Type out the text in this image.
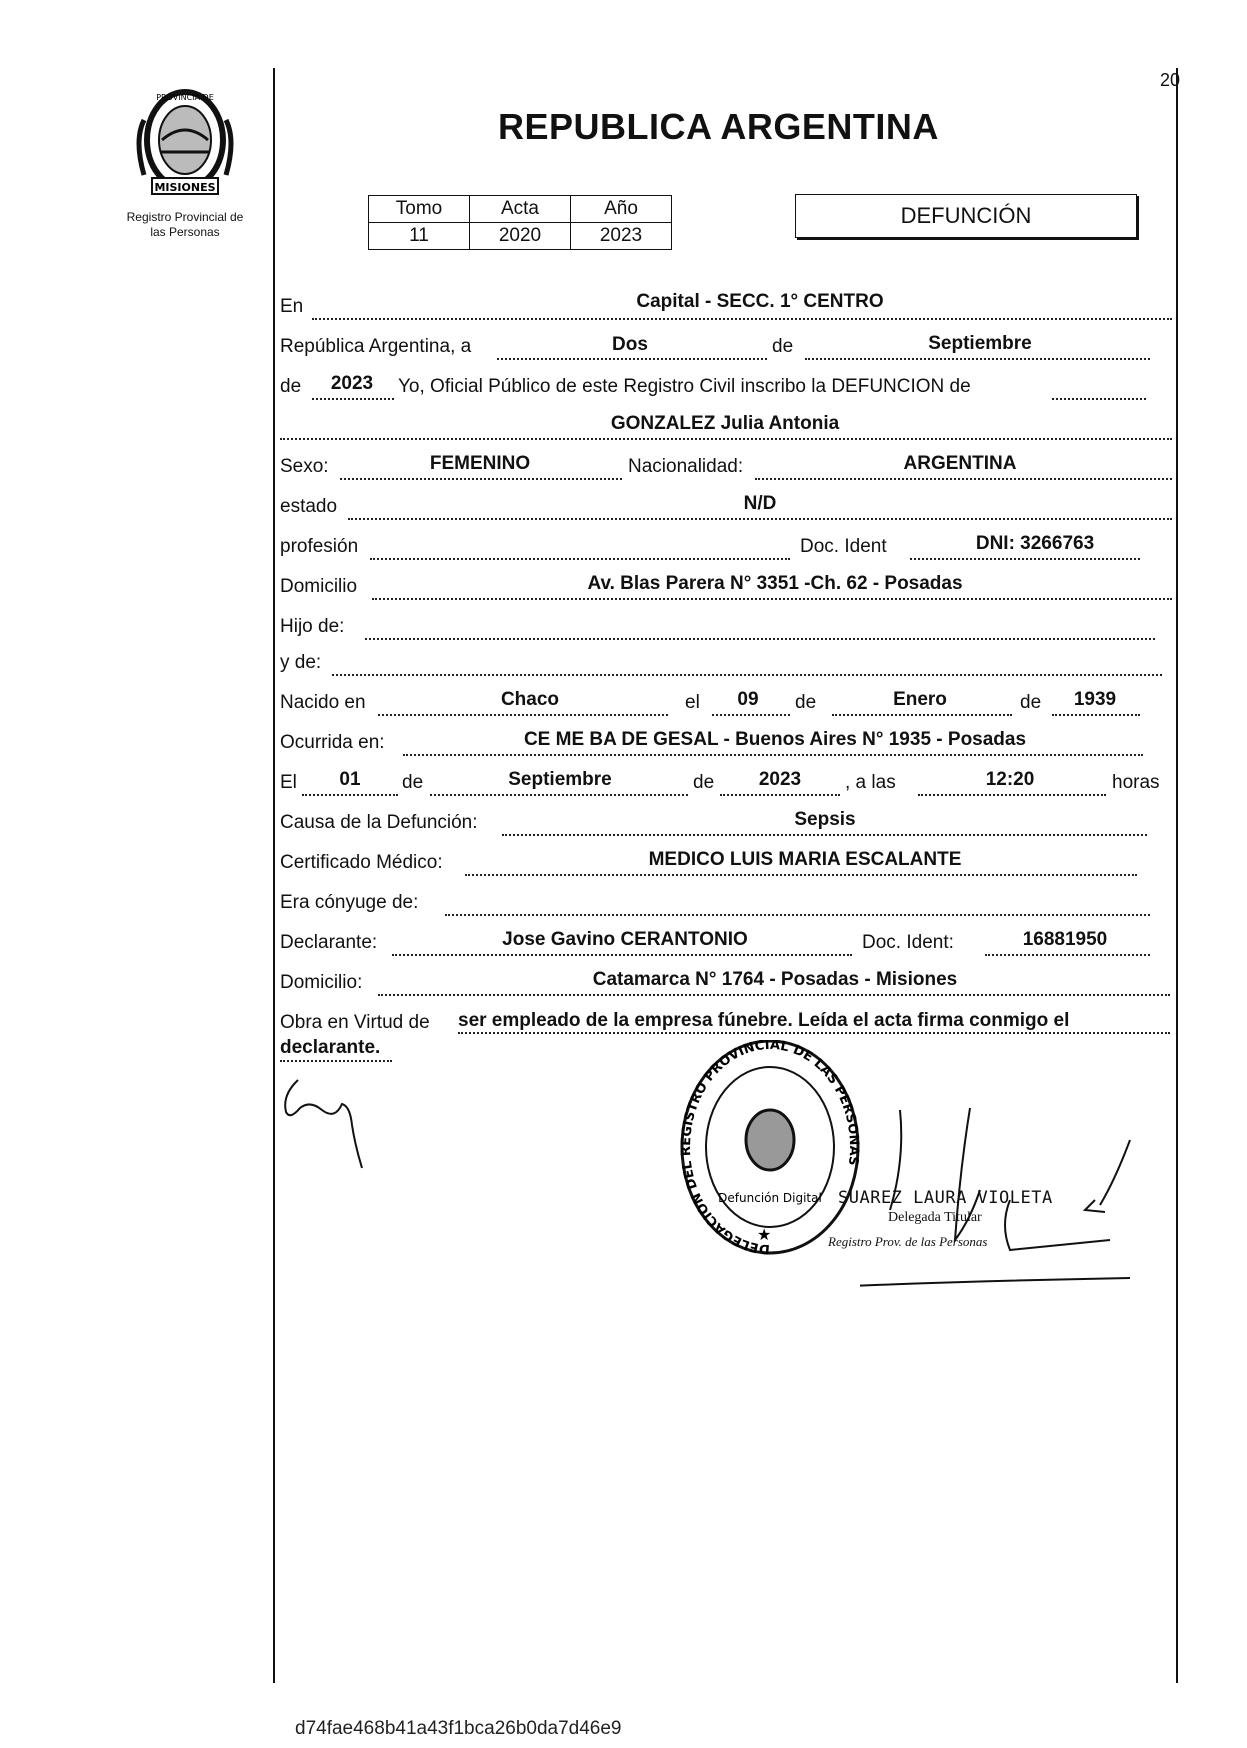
MISIONES
PROVINCIA DE
Registro Provincial de
las Personas
20
REPUBLICA ARGENTINA
Tomo	Acta	Año
11	2020	2023
DEFUNCIÓN
En	Capital - SECC. 1° CENTRO
República Argentina, a	Dos	de	Septiembre
de	2023	Yo, Oficial Público de este Registro Civil inscribo la DEFUNCION de
GONZALEZ Julia Antonia
Sexo:	FEMENINO	Nacionalidad:	ARGENTINA
estado	N/D
profesión	Doc. Ident	DNI: 3266763
Domicilio	Av. Blas Parera N° 3351 -Ch. 62 - Posadas
Hijo de:
y de:
Nacido en	Chaco	el	09	de	Enero	de	1939
Ocurrida en:	CE ME BA DE GESAL - Buenos Aires N° 1935 - Posadas
El	01	de	Septiembre	de	2023	, a las	12:20	horas
Causa de la Defunción:	Sepsis
Certificado Médico:	MEDICO LUIS MARIA ESCALANTE
Era cónyuge de:
Declarante:	Jose Gavino CERANTONIO	Doc. Ident:	16881950
Domicilio:	Catamarca N° 1764 - Posadas - Misiones
Obra en Virtud de ser empleado de la empresa fúnebre. Leída el acta firma conmigo el
declarante.
DELEGACION DEL REGISTRO PROVINCIAL DE LAS PERSONAS
Defunción Digital
★
SUAREZ LAURA VIOLETA
Delegada Titular
Registro Prov. de las Personas
d74fae468b41a43f1bca26b0da7d46e9
